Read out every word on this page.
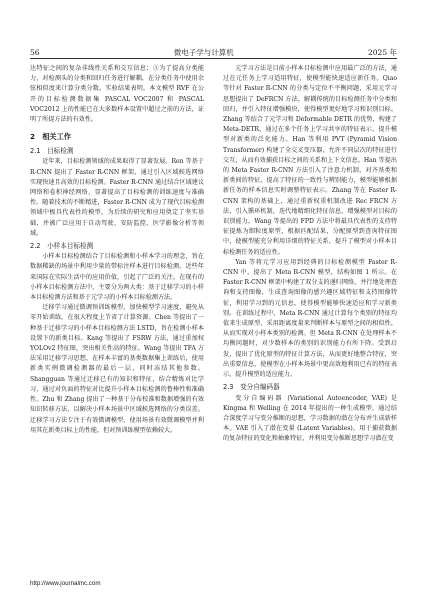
56	微电子学与计算机	2025 年

达特征之间的复杂非线性关系和交互信息；③为了提高分类能力，对检测头的分类和回归任务进行解耦，在分类任务中使用余弦相似度来计算分类分数。实验结果表明，本文模型 RVF 在公开的目标检测数据集 PASCAL VOC2007 和 PASCAL VOC2012 上的性能已在大多数样本设置中超过之前的方法，证明了所提方法的有效性。

2　相关工作
2.1　目标检测

近年来，目标检测领域的成果取得了显著发展。Ren 等基于 R-CNN 提出了 Faster R-CNN 框架，通过引入区域候选网络实现快速且高效的目标检测。Faster R-CNN 通过结合区域建议网络和卷积神经网络，显著提高了目标检测的训练速度与准确性。随着技术的不断精进，Faster R-CNN 成为了现代目标检测领域中极具代表性的模型，为后续的研究和应用奠定了坚实基础，并被广泛应用于自动驾驶、安防监控、医学影像分析等领域。

2.2　小样本目标检测

小样本目标检测结合了目标检测和小样本学习的理念，旨在数据稀缺的场景中利用少量的带标注样本进行目标检测。近些年来国际在实际生活中的应用价值，引起了广泛的关注。在现有的小样本目标检测方法中，主要分为两大类：基于迁移学习的小样本目标检测方法和基于元学习的小样本目标检测方法。

迁移学习通过微调预训练模型，加快模型学习速度，避免从零开始训练，在很大程度上节省了计算资源。Chen 等提出了一种基于迁移学习的小样本目标检测方法 LSTD，旨在检测小样本设置下的新类目标。Kang 等提出了 FSRW 方法，通过重加权 YOLOv2 特征图，突出相关性高的特征。Wang 等提出 TFA 方法采用迁移学习思想，在样本丰富的基类数据集上训练后，使用新类实例微调检测器的最后一层，同时冻结其他参数。Shangguan 等通过迁移已有的知识和特征，结合精炼对比学习，通过对负面的特征对比提升小样本目标检测的鲁棒性和准确性。Zhu 和 Zhang 提出了一种基于分布校准和数据增强的有效知识转移方法，以解决小样本场景中区域候选网络的分类误差。迁移学习方法专注于有效微调模型，使用场景有效微调模型并利用其在新类目标上的性能，但对预训练模型依赖较大。

元学习方法是目前小样本目标检测中应用最广泛的方法，通过在元任务上学习适用特征，使模型能快速适应新任务。Qiao 等针对 Faster R-CNN 的分类与定位不平衡问题，采用元学习思想提出了 DeFRCN 方法，解耦传统的目标检测任务中分类和回归，并引入特征增强模块，使得模型更好地学习和识别目标。Zhang 等结合了元学习和 Deformable DETR 的优势，构建了 Meta-DETR，通过在多个任务上学习共享的特征表示，提升模型对新类的泛化能力。Han 等利用 PVT (Pyramid Vision Transformer) 构建了全交叉变压器，允许不同层次的特征进行交互，从而有效捕获目标之间的关系和上下文信息。Han 等提出的 Meta Faster R-CNN 方法引入了注意力机制，对齐基类和新类间的特征，提高了特征的一致性与辨别能力，模型能够根据新任务的样本信息实时调整特征表示。Zhang 等在 Faster R-CNN 架构的基础上，通过重新权重机制改进 Rec FRCN 方法，引入循环机制，迭代地精细化特征信息，增强模型对目标的识别能力。Wang 等提出的 FPD 方法中将最具代表性的支持特征提炼为细粒度原型，根据匹配结果，分配原型到查询特征图中，使模型能充分利用详细的特征关系，提升了模型对小样本目标检测任务的适应性。

Yan 等将元学习应用到经典的目标检测模型 Faster R-CNN 中，提出了 Meta R-CNN 模型，结构如图 1 所示。在 Faster R-CNN 框架中构建了双分支的递归网络，并行地处理查询和支持图像，生成查询图像的感兴趣区域特征和支持图像特征，利用学习到的元信息，使得模型能够快速适应和学习新类别。在训练过程中，Meta R-CNN 通过计算每个类别的特征均值来生成原型，采用距离度量来判断样本与原型之间的相似性，从而实现对小样本类别的检测。但 Meta R-CNN 在处理样本不均衡问题时，对少数样本的类别的识别能力有所下降。受到启发，提出了优化原型的特征计算方法，从而更好地整合特征，突出重要信息，使模型在小样本场景中更高效地利用已有的特征表示，提升模型的适应能力。

2.3　变分自编码器

变分自编码器 (Variational Autoencoder, VAE) 是 Kingma 和 Welling 在 2014 年提出的一种生成模型，通过结合深度学习与变分推断的思想，学习数据的潜在分布并生成新样本。VAE 引入了潜在变量 (Latent Variables)，用于捕获数据的复杂特征的变化和抽象特征，并利用变分推断思想学习潜在变

http://www.journalmc.com
